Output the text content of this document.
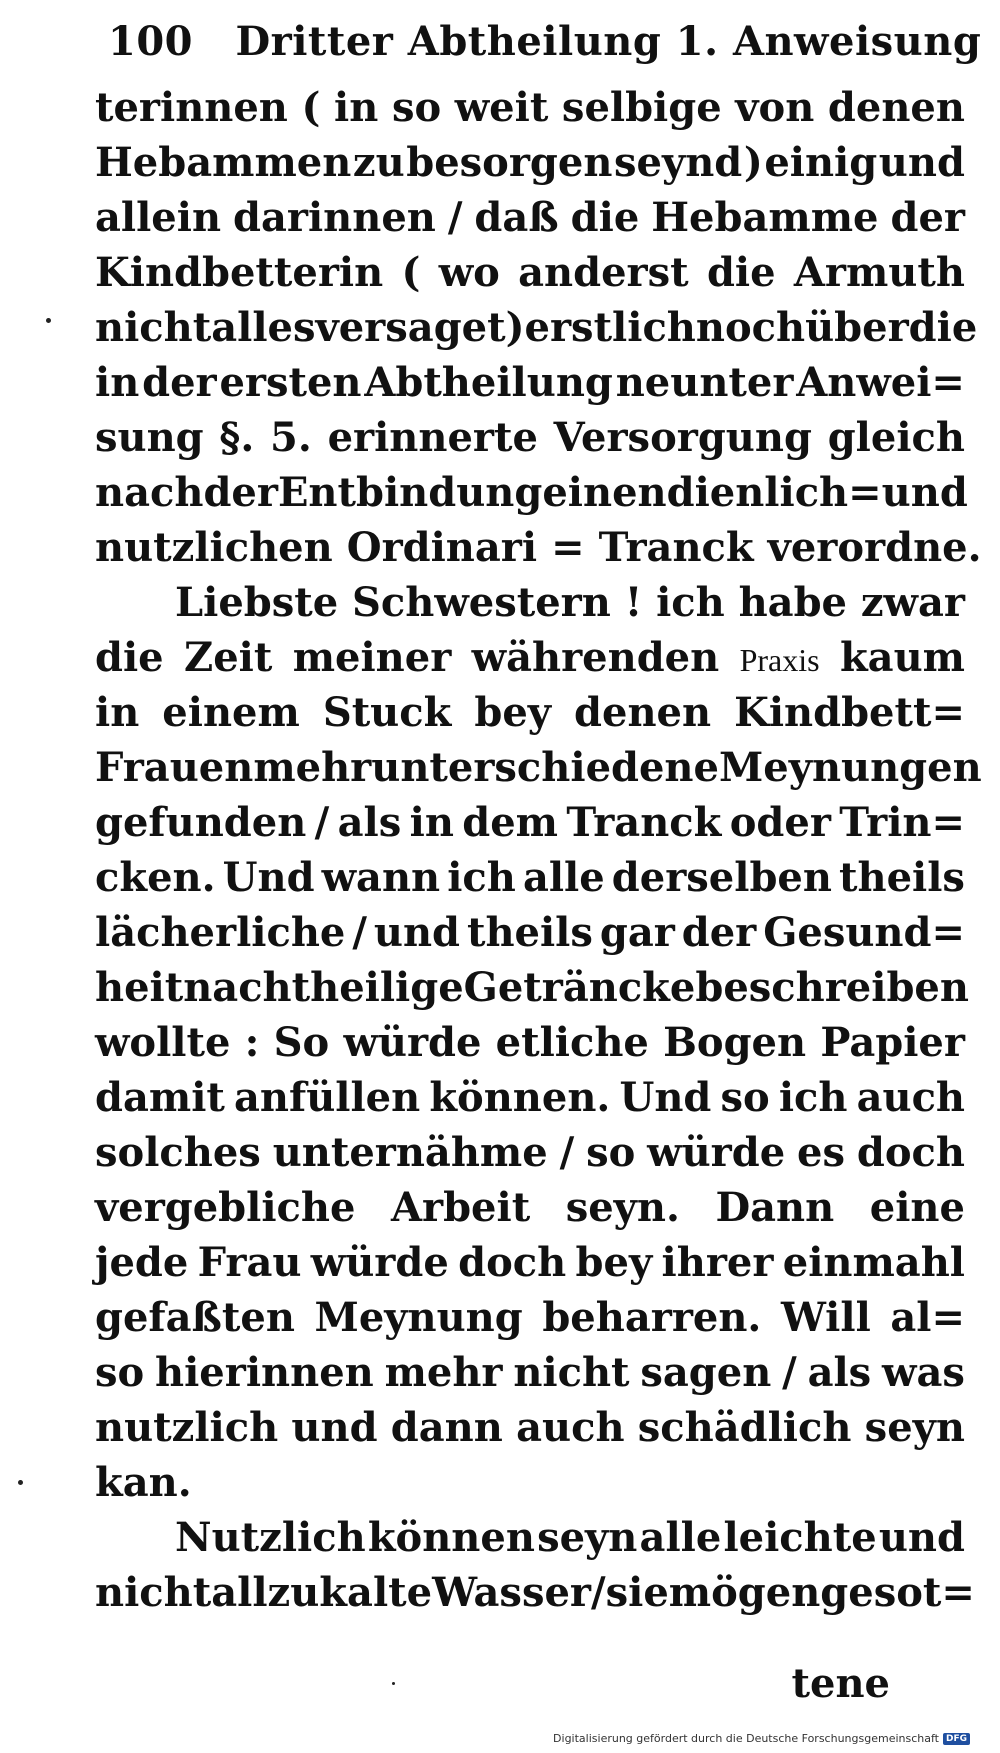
100 Dritter Abtheilung 1. Anweisung
terinnen ( in so weit selbige von denen
Hebammen zu besorgen seynd ) einig und
allein darinnen / daß die Hebamme der
Kindbetterin ( wo anderst die Armuth
nicht alles versaget ) erstlich noch über die
in der ersten Abtheilung neunter Anwei=
sung §. 5. erinnerte Versorgung gleich
nach der Entbindung einen dienlich = und
nutzlichen Ordinari = Tranck verordne.
Liebste Schwestern ! ich habe zwar
die Zeit meiner währenden Praxis kaum
in einem Stuck bey denen Kindbett=
Frauen mehr unterschiedene Meynungen
gefunden / als in dem Tranck oder Trin=
cken. Und wann ich alle derselben theils
lächerliche / und theils gar der Gesund=
heit nachtheilige Geträncke beschreiben
wollte : So würde etliche Bogen Papier
damit anfüllen können. Und so ich auch
solches unternähme / so würde es doch
vergebliche Arbeit seyn. Dann eine
jede Frau würde doch bey ihrer einmahl
gefaßten Meynung beharren. Will al=
so hierinnen mehr nicht sagen / als was
nutzlich und dann auch schädlich seyn
kan.
Nutzlich können seyn alle leichte und
nicht allzukalte Wasser / sie mögen gesot=
tene
Digitalisierung gefördert durch die Deutsche Forschungsgemeinschaft DFG
